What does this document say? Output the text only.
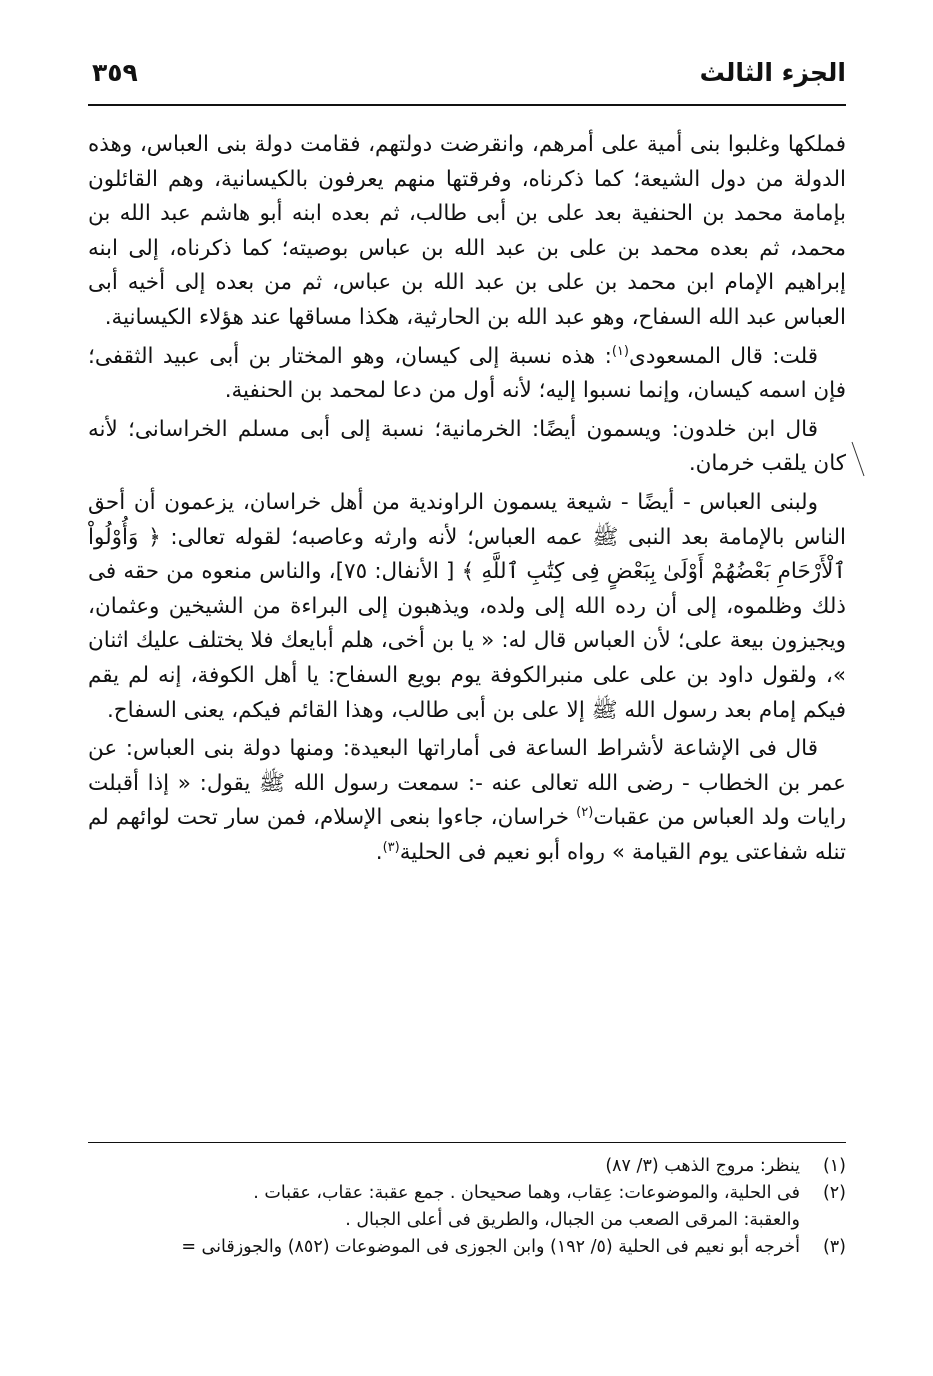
الجزء الثالث
٣٥٩

فملكها وغلبوا بنى أمية على أمرهم، وانقرضت دولتهم، فقامت دولة بنى العباس، وهذه الدولة من دول الشيعة؛ كما ذكرناه، وفرقتها منهم يعرفون بالكيسانية، وهم القائلون بإمامة محمد بن الحنفية بعد على بن أبى طالب، ثم بعده ابنه أبو هاشم عبد الله بن محمد، ثم بعده محمد بن على بن عبد الله بن عباس بوصيته؛ كما ذكرناه، إلى ابنه إبراهيم الإمام ابن محمد بن على بن عبد الله بن عباس، ثم من بعده إلى أخيه أبى العباس عبد الله السفاح، وهو عبد الله بن الحارثية، هكذا مساقها عند هؤلاء الكيسانية.

قلت: قال المسعودى$^{(١)}$: هذه نسبة إلى كيسان، وهو المختار بن أبى عبيد الثقفى؛ فإن اسمه كيسان، وإنما نسبوا إليه؛ لأنه أول من دعا لمحمد بن الحنفية.

قال ابن خلدون: ويسمون أيضًا: الخرمانية؛ نسبة إلى أبى مسلم الخراسانى؛ لأنه كان يلقب خرمان.

ولبنى العباس - أيضًا - شيعة يسمون الراوندية من أهل خراسان، يزعمون أن أحق الناس بالإمامة بعد النبى ﷺ عمه العباس؛ لأنه وارثه وعاصبه؛ لقوله تعالى: ﴿ وَأُوْلُواْ ٱلْأَرْحَامِ بَعْضُهُمْ أَوْلَىٰ بِبَعْضٍ فِى كِتَٰبِ ٱللَّهِ ﴾ [ الأنفال: ٧٥]، والناس منعوه من حقه فى ذلك وظلموه، إلى أن رده الله إلى ولده، ويذهبون إلى البراءة من الشيخين وعثمان، ويجيزون بيعة على؛ لأن العباس قال له: « يا بن أخى، هلم أبايعك فلا يختلف عليك اثنان »، ولقول داود بن على على منبرالكوفة يوم بويع السفاح: يا أهل الكوفة، إنه لم يقم فيكم إمام بعد رسول الله ﷺ إلا على بن أبى طالب، وهذا القائم فيكم، يعنى السفاح.

قال فى الإشاعة لأشراط الساعة فى أماراتها البعيدة: ومنها دولة بنى العباس: عن عمر بن الخطاب - رضى الله تعالى عنه -: سمعت رسول الله ﷺ يقول: « إذا أقبلت رايات ولد العباس من عقبات$^{(٢)}$ خراسان، جاءوا بنعى الإسلام، فمن سار تحت لوائهم لم تنله شفاعتى يوم القيامة » رواه أبو نعيم فى الحلية$^{(٣)}$.

(١)
ينظر: مروج الذهب (٣/ ٨٧)
(٢)
فى الحلية، والموضوعات: عِقاب، وهما صحيحان . جمع عقبة: عقاب، عقبات .
والعقبة: المرقى الصعب من الجبال، والطريق فى أعلى الجبال .
(٣)
أخرجه أبو نعيم فى الحلية (٥/ ١٩٢) وابن الجوزى فى الموضوعات (٨٥٢) والجوزقانى =
